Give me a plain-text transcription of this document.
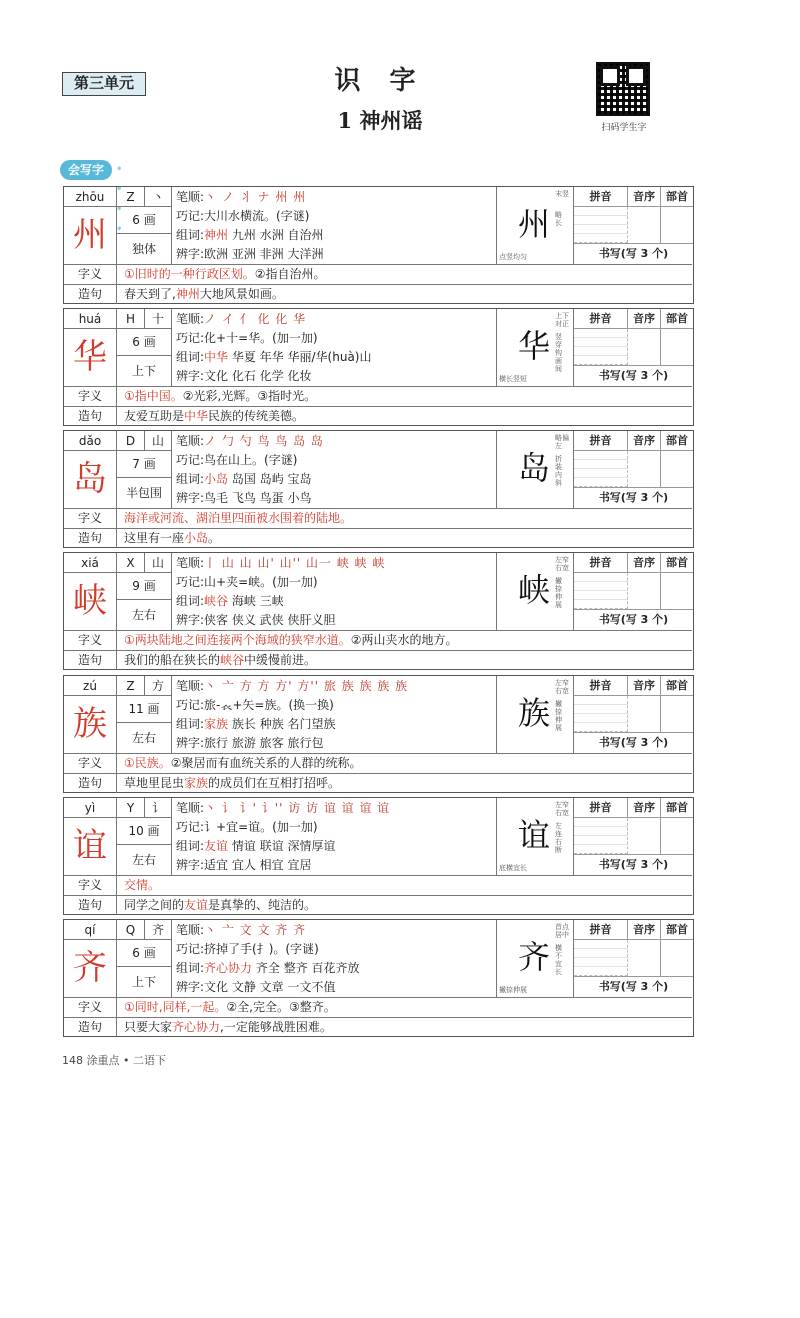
第三单元	识 字
1 神州谣	扫码学生字
会写字 • • • •
zhōu	Z	丶
州	6 画
独体
笔顺:丶 ノ 丬 ナ 州 州
巧记:大川水横流。(字谜)
组词:神州 九州 水洲 自治州
辨字:欧洲 亚洲 非洲 大洋洲
州
末竖
略长
点竖均匀
拼音	音序	部首
书写(写 3 个)
字义	①旧时的一种行政区划。②指自治州。
造句	春天到了,神州大地风景如画。
huá	H	十
华	6 画
上下
笔顺:ノ イ 亻 化 化 华
巧记:化+十=华。(加一加)
组词:中华 华夏 年华 华丽/华(huà)山
辨字:文化 化石 化学 化妆
华
上下对正
竖穿钩画间
横长竖短
拼音	音序	部首
书写(写 3 个)
字义	①指中国。②光彩,光辉。③指时光。
造句	友爱互助是中华民族的传统美德。
dǎo	D	山
岛	7 画
半包围
笔顺:ノ 勹 勺 鸟 鸟 岛 岛
巧记:鸟在山上。(字谜)
组词:小岛 岛国 岛屿 宝岛
辨字:鸟毛 飞鸟 鸟蛋 小鸟
岛
略偏左
折装内斜
拼音	音序	部首
书写(写 3 个)
字义	海洋或河流、湖泊里四面被水围着的陆地。
造句	这里有一座小岛。
xiá	X	山
峡	9 画
左右
笔顺:丨 山 山 山' 山'' 山一 峡 峡 峡
巧记:山+夹=峡。(加一加)
组词:峡谷 海峡 三峡
辨字:侠客 侠义 武侠 侠肝义胆
峡
左窄右宽
撇捺伸展
拼音	音序	部首
书写(写 3 个)
字义	①两块陆地之间连接两个海域的狭窄水道。②两山夹水的地方。
造句	我们的船在狭长的峡谷中缓慢前进。
zú	Z	方
族	11 画
左右
笔顺:丶 亠 方 方 方' 方'' 旅 族 族 族 族
巧记:旅-𧘇+矢=族。(换一换)
组词:家族 族长 种族 名门望族
辨字:旅行 旅游 旅客 旅行包
族
左窄右宽
撇捺伸展
拼音	音序	部首
书写(写 3 个)
字义	①民族。②聚居而有血统关系的人群的统称。
造句	草地里昆虫家族的成员们在互相打招呼。
yì	Y	讠
谊	10 画
左右
笔顺:丶 讠 讠' 讠'' 访 访 谊 谊 谊 谊
巧记:讠+宜=谊。(加一加)
组词:友谊 情谊 联谊 深情厚谊
辨字:适宜 宜人 相宜 宜居
谊
左窄右宽
左连右断
底横宜长
拼音	音序	部首
书写(写 3 个)
字义	交情。
造句	同学之间的友谊是真挚的、纯洁的。
qí	Q	齐
齐	6 画
上下
笔顺:丶 亠 文 文 齐 齐
巧记:挤掉了手(扌)。(字谜)
组词:齐心协力 齐全 整齐 百花齐放
辨字:文化 文静 文章 一文不值
齐
首点居中
横不宜长
撇捺伸展
拼音	音序	部首
书写(写 3 个)
字义	①同时,同样,一起。②全,完全。③整齐。
造句	只要大家齐心协力,一定能够战胜困难。
148 涂重点 • 二语下
